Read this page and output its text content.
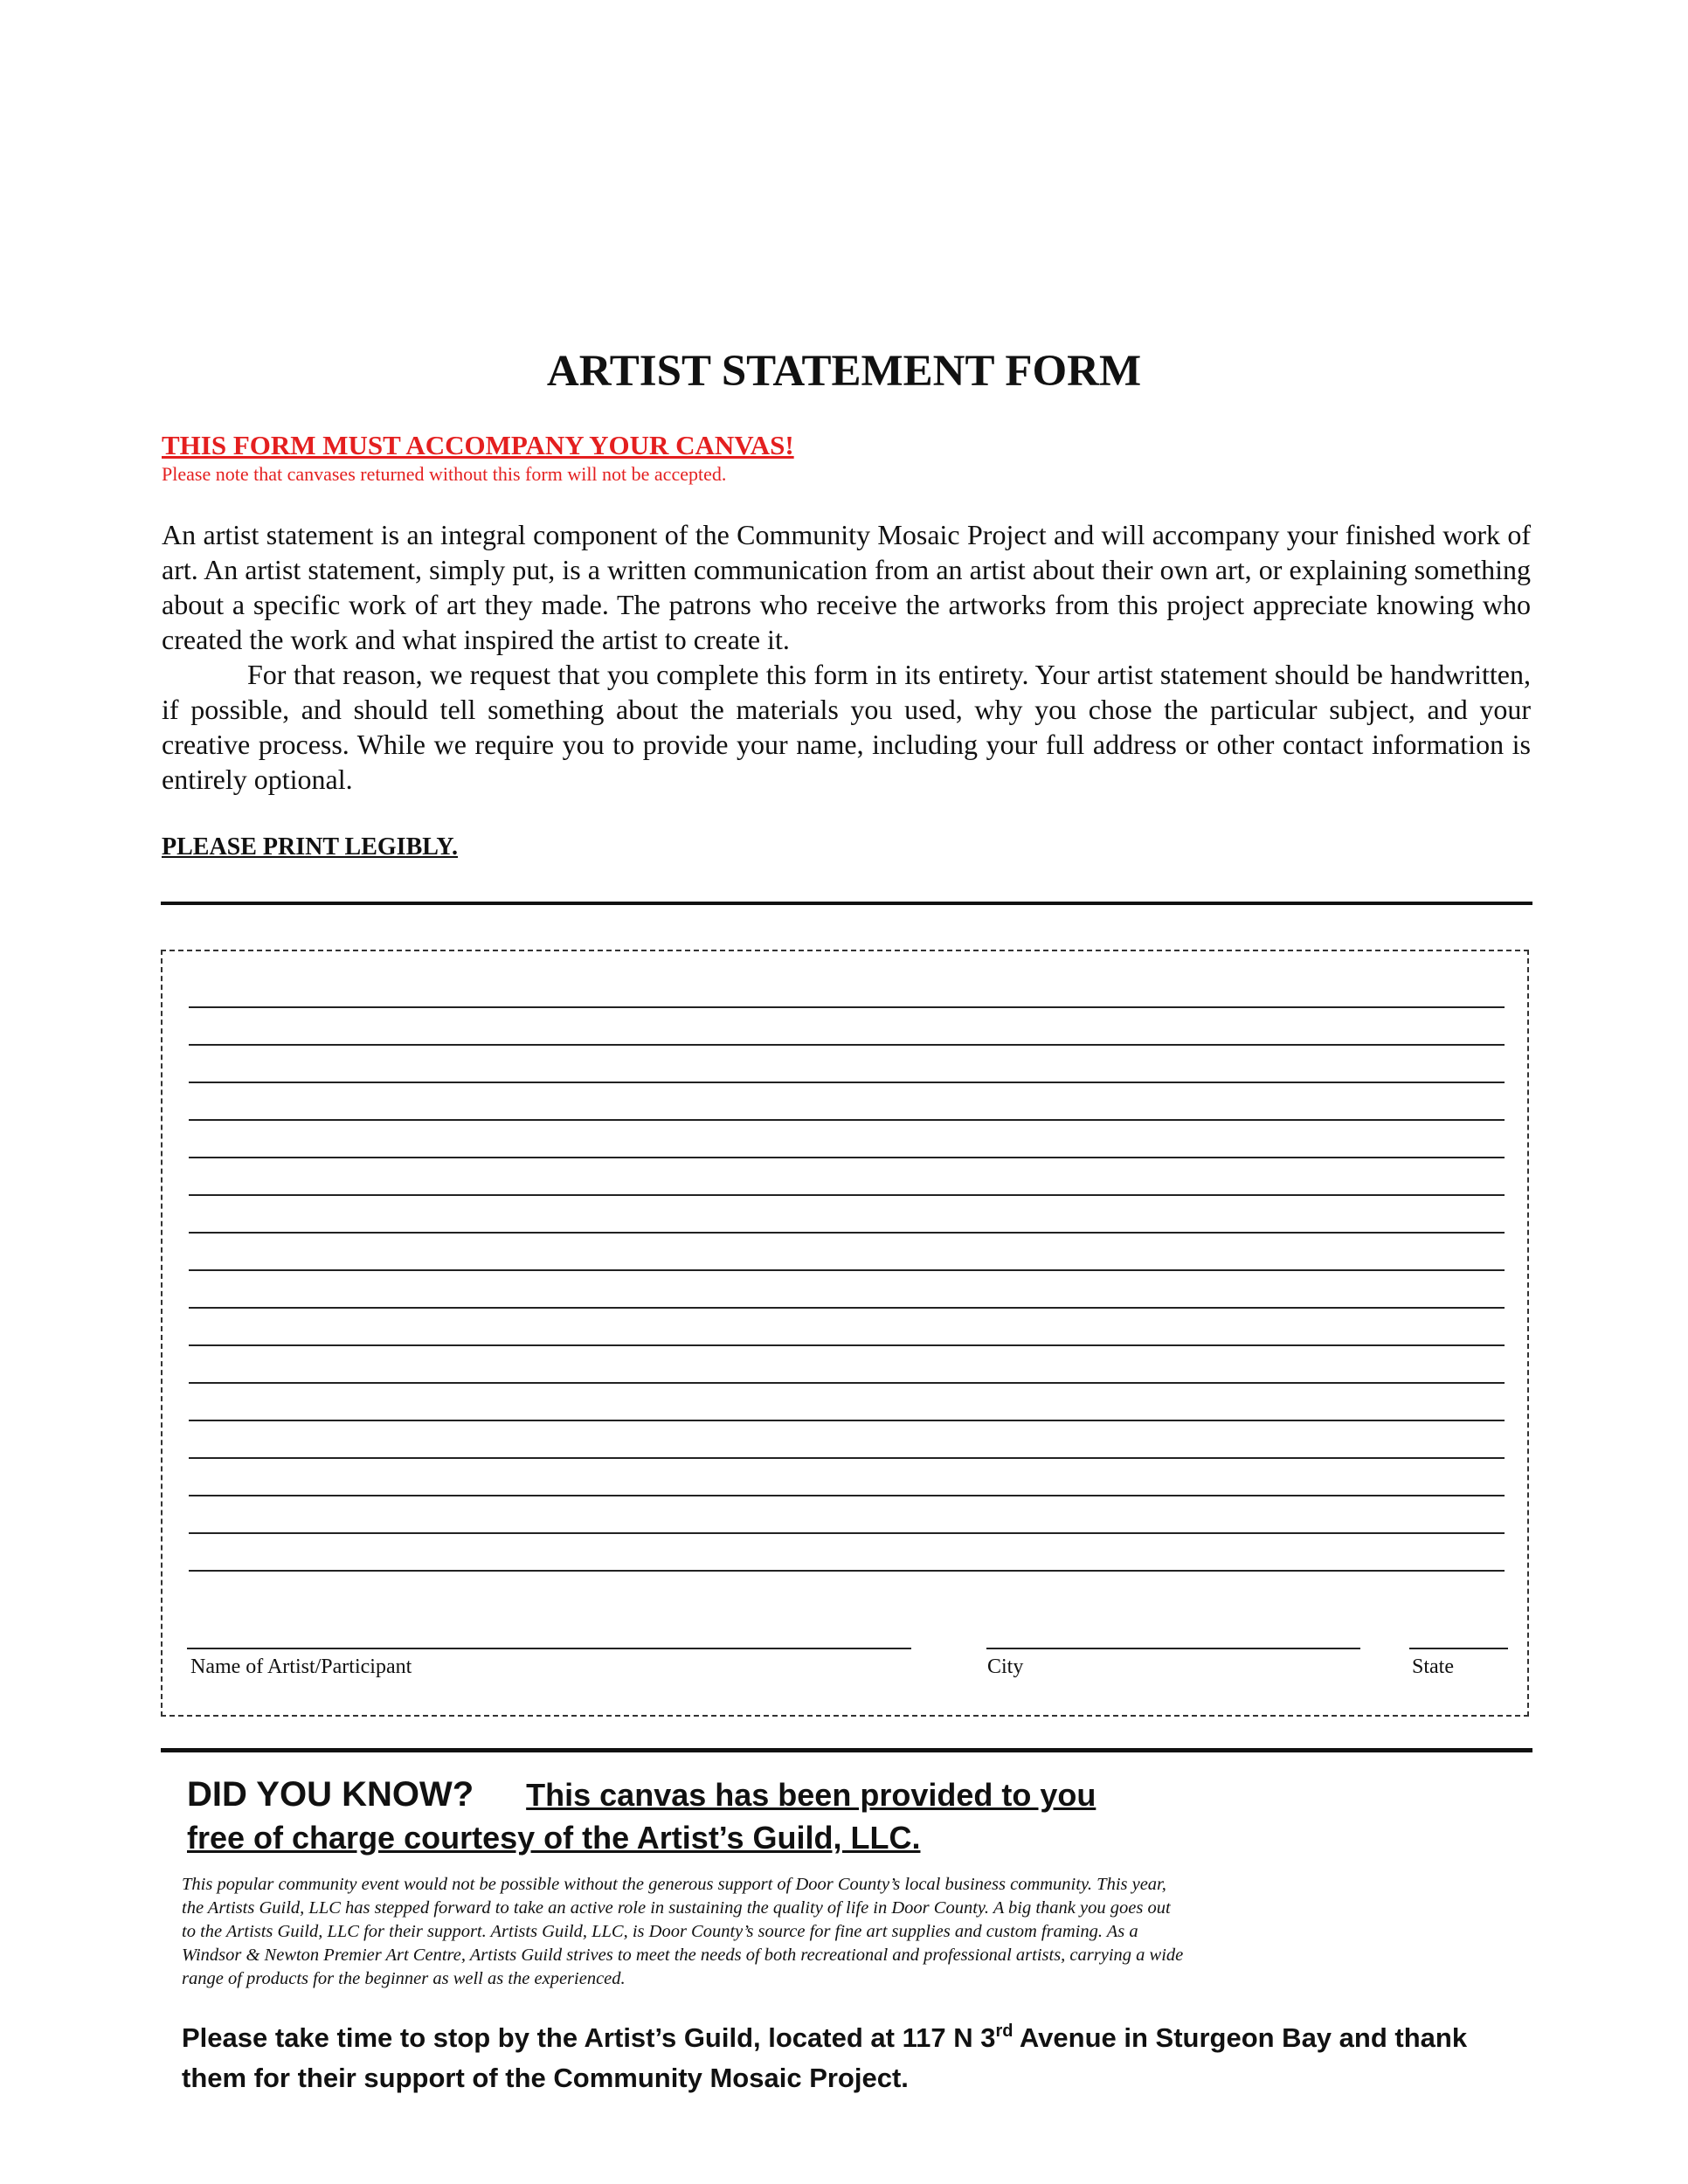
ARTIST STATEMENT FORM

THIS FORM MUST ACCOMPANY YOUR CANVAS!

Please note that canvases returned without this form will not be accepted.

An artist statement is an integral component of the Community Mosaic Project and will accompany your finished work of art. An artist statement, simply put, is a written communication from an artist about their own art, or explaining something about a specific work of art they made. The patrons who receive the artworks from this project appreciate knowing who created the work and what inspired the artist to create it.

For that reason, we request that you complete this form in its entirety. Your artist statement should be handwritten, if possible, and should tell something about the materials you used, why you chose the particular subject, and your creative process. While we require you to provide your name, including your full address or other contact information is entirely optional.

PLEASE PRINT LEGIBLY.

Name of Artist/Participant	City	State

DID YOU KNOW? This canvas has been provided to you

free of charge courtesy of the Artist’s Guild, LLC.

This popular community event would not be possible without the generous support of Door County’s local business community. This year, the Artists Guild, LLC has stepped forward to take an active role in sustaining the quality of life in Door County. A big thank you goes out to the Artists Guild, LLC for their support. Artists Guild, LLC, is Door County’s source for fine art supplies and custom framing. As a Windsor & Newton Premier Art Centre, Artists Guild strives to meet the needs of both recreational and professional artists, carrying a wide range of products for the beginner as well as the experienced.

Please take time to stop by the Artist’s Guild, located at 117 N 3rd Avenue in Sturgeon Bay and thank them for their support of the Community Mosaic Project.
